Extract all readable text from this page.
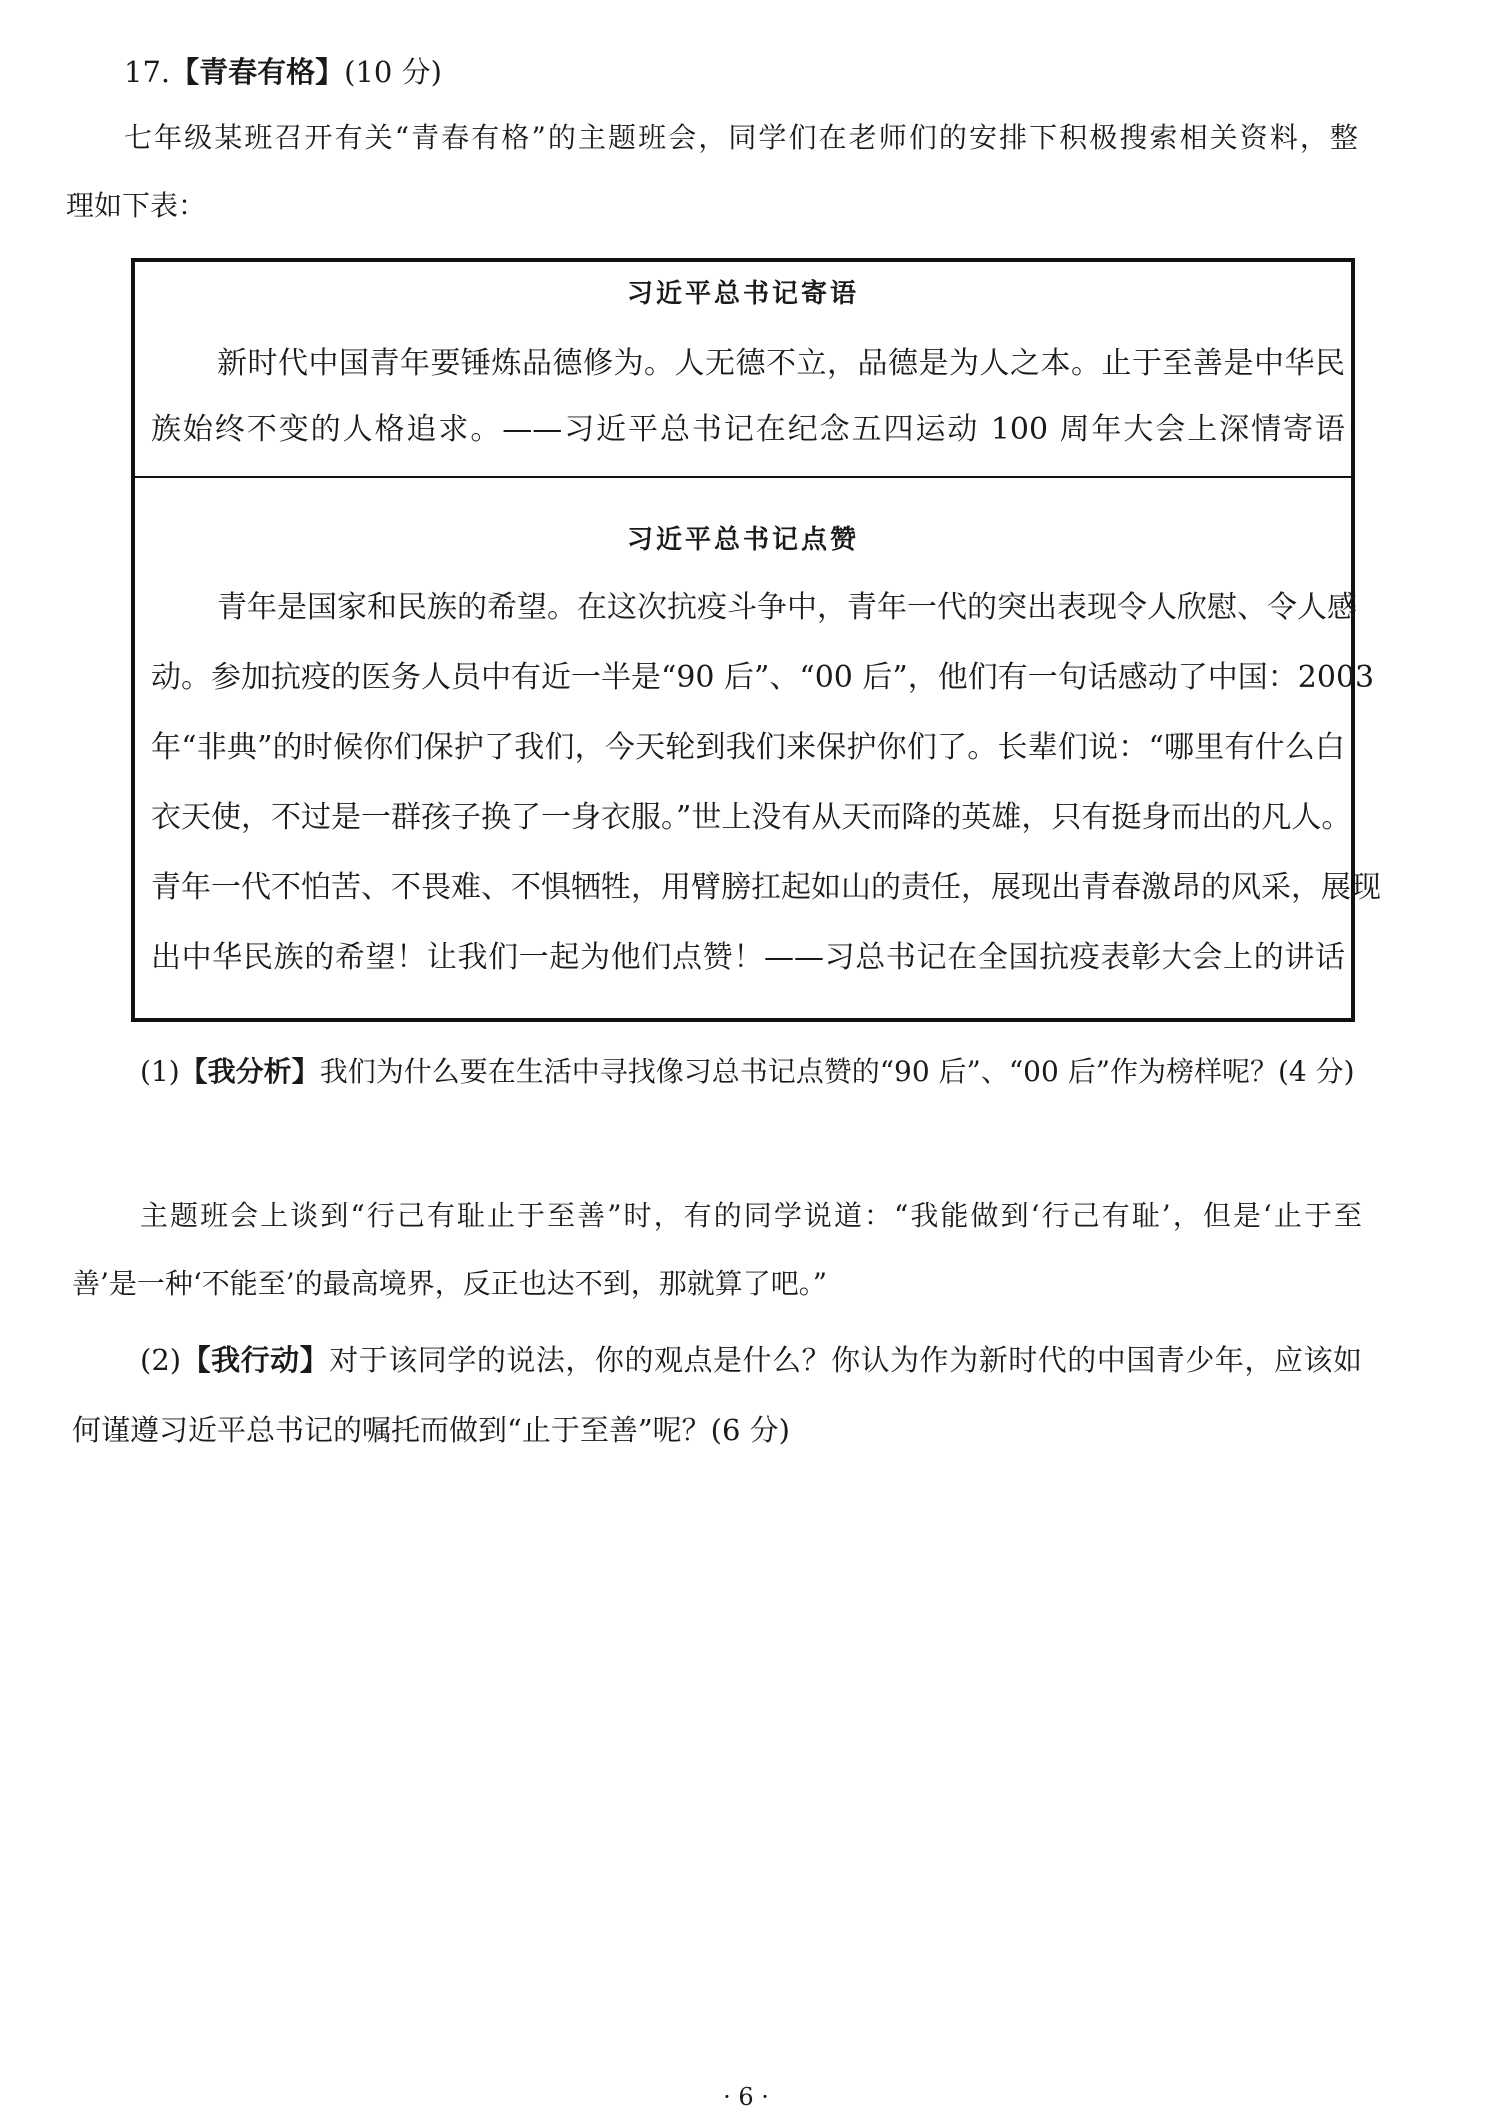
17.【青春有格】(10 分)
七年级某班召开有关“青春有格”的主题班会，同学们在老师们的安排下积极搜索相关资料，整
理如下表：
习近平总书记寄语
新时代中国青年要锤炼品德修为。人无德不立，品德是为人之本。止于至善是中华民
族始终不变的人格追求。——习近平总书记在纪念五四运动 100 周年大会上深情寄语
习近平总书记点赞
青年是国家和民族的希望。在这次抗疫斗争中，青年一代的突出表现令人欣慰、令人感
动。参加抗疫的医务人员中有近一半是“90 后”、“00 后”，他们有一句话感动了中国：2003
年“非典”的时候你们保护了我们，今天轮到我们来保护你们了。长辈们说：“哪里有什么白
衣天使，不过是一群孩子换了一身衣服。”世上没有从天而降的英雄，只有挺身而出的凡人。
青年一代不怕苦、不畏难、不惧牺牲，用臂膀扛起如山的责任，展现出青春激昂的风采，展现
出中华民族的希望！让我们一起为他们点赞！——习总书记在全国抗疫表彰大会上的讲话
(1)【我分析】我们为什么要在生活中寻找像习总书记点赞的“90 后”、“00 后”作为榜样呢？(4 分)
主题班会上谈到“行己有耻止于至善”时，有的同学说道：“我能做到‘行己有耻’，但是‘止于至
善’是一种‘不能至’的最高境界，反正也达不到，那就算了吧。”
(2)【我行动】对于该同学的说法，你的观点是什么？你认为作为新时代的中国青少年，应该如
何谨遵习近平总书记的嘱托而做到“止于至善”呢？(6 分)
· 6 ·
